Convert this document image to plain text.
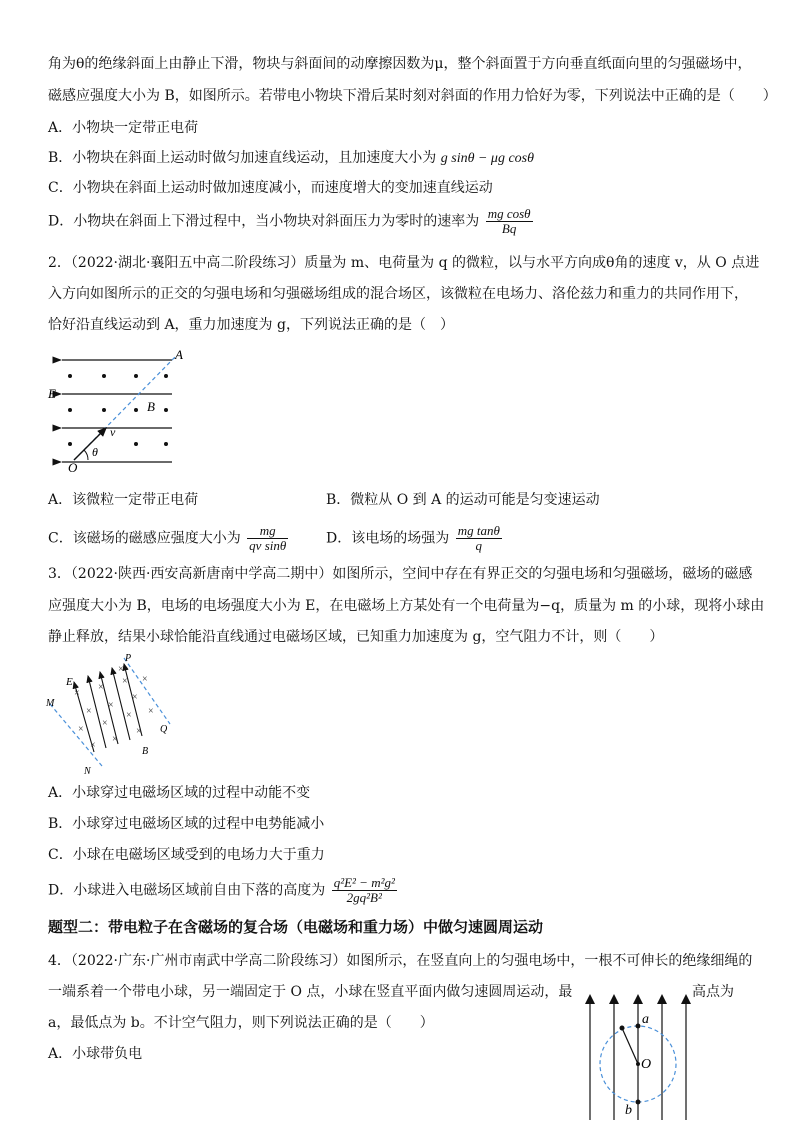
角为θ的绝缘斜面上由静止下滑，物块与斜面间的动摩擦因数为μ，整个斜面置于方向垂直纸面向里的匀强磁场中，
磁感应强度大小为 B，如图所示。若带电小物块下滑后某时刻对斜面的作用力恰好为零，下列说法中正确的是（　　）
A．小物块一定带正电荷
B．小物块在斜面上运动时做匀加速直线运动，且加速度大小为 g sinθ − μg cosθ
C．小物块在斜面上运动时做加速度减小，而速度增大的变加速直线运动
D．小物块在斜面上下滑过程中，当小物块对斜面压力为零时的速率为 $\frac{\text{mg cosθ}}{Bq}$
2．（2022·湖北·襄阳五中高二阶段练习）质量为 m、电荷量为 q 的微粒，以与水平方向成θ角的速度 v，从 O 点进
入方向如图所示的正交的匀强电场和匀强磁场组成的混合场区，该微粒在电场力、洛伦兹力和重力的共同作用下，
恰好沿直线运动到 A，重力加速度为 g，下列说法正确的是（　）
A
E
B
v
θ
O
A．该微粒一定带正电荷	B．微粒从 O 到 A 的运动可能是匀变速运动
C．该磁场的磁感应强度大小为 $\frac{mg}{\text{qv sinθ}}$	D．该电场的场强为 $\frac{\text{mg tanθ}}{q}$
3．（2022·陕西·西安高新唐南中学高二期中）如图所示，空间中存在有界正交的匀强电场和匀强磁场，磁场的磁感
应强度大小为 B，电场的电场强度大小为 E，在电磁场上方某处有一个电荷量为−q，质量为 m 的小球，现将小球由
静止释放，结果小球恰能沿直线通过电磁场区域，已知重力加速度为 g，空气阻力不计，则（　　）
×
×
×
×
×
×
×
×
×
×
×
×
×
×
×
E
P
M
Q
B
N
A．小球穿过电磁场区域的过程中动能不变
B．小球穿过电磁场区域的过程中电势能减小
C．小球在电磁场区域受到的电场力大于重力
D．小球进入电磁场区域前自由下落的高度为 $\frac{\text{q²E² − m²g²}}{\text{2gq²B²}}$
题型二：带电粒子在含磁场的复合场（电磁场和重力场）中做匀速圆周运动
4．（2022·广东·广州市南武中学高二阶段练习）如图所示，在竖直向上的匀强电场中，一根不可伸长的绝缘细绳的
一端系着一个带电小球，另一端固定于 O 点，小球在竖直平面内做匀速圆周运动，最	高点为
a，最低点为 b。不计空气阻力，则下列说法正确的是（　　）
A．小球带负电
a
O
b
